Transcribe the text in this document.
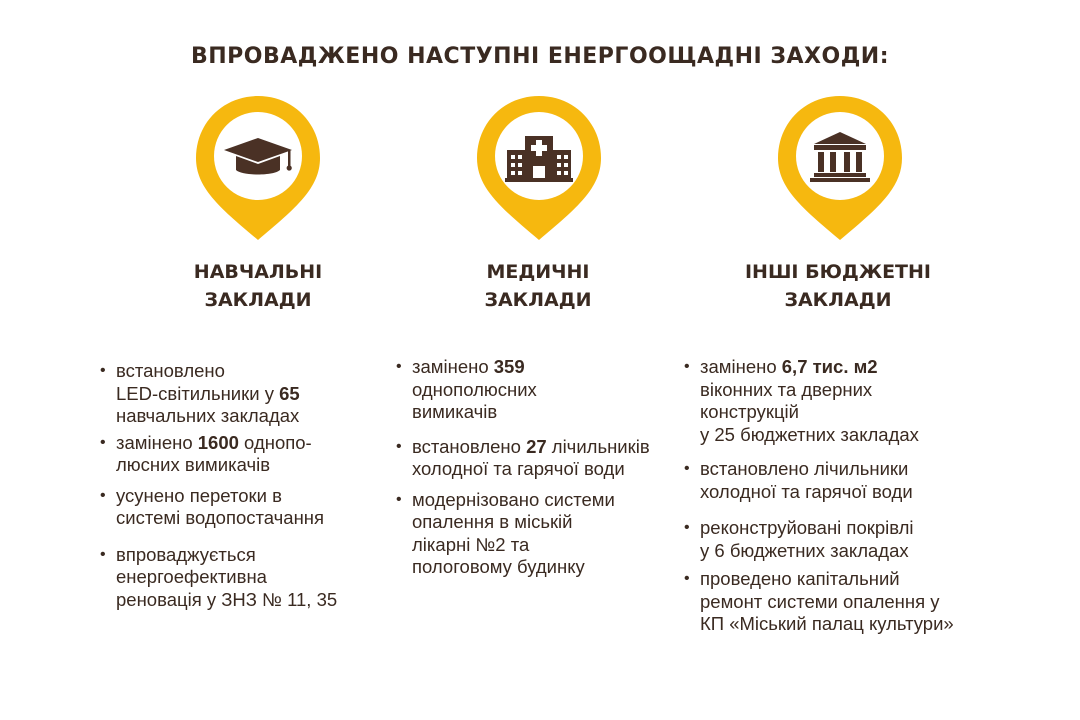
ВПРОВАДЖЕНО НАСТУПНІ ЕНЕРГООЩАДНІ ЗАХОДИ:
НАВЧАЛЬНІ
ЗАКЛАДИ
• встановлено
LED-світильники у 65
навчальних закладах
• замінено 1600 однопо-
люсних вимикачів
• усунено перетоки в
системі водопостачання
• впроваджується
енергоефективна
реновація у ЗНЗ № 11, 35
МЕДИЧНІ
ЗАКЛАДИ
• замінено 359
однополюсних
вимикачів
• встановлено 27 лічильників
холодної та гарячої води
• модернізовано системи
опалення в міській
лікарні №2 та
пологовому будинку
ІНШІ БЮДЖЕТНІ
ЗАКЛАДИ
• замінено 6,7 тис. м2
віконних та дверних
конструкцій
у 25 бюджетних закладах
• встановлено лічильники
холодної та гарячої води
• реконструйовані покрівлі
у 6 бюджетних закладах
• проведено капітальний
ремонт системи опалення у
КП «Міський палац культури»
